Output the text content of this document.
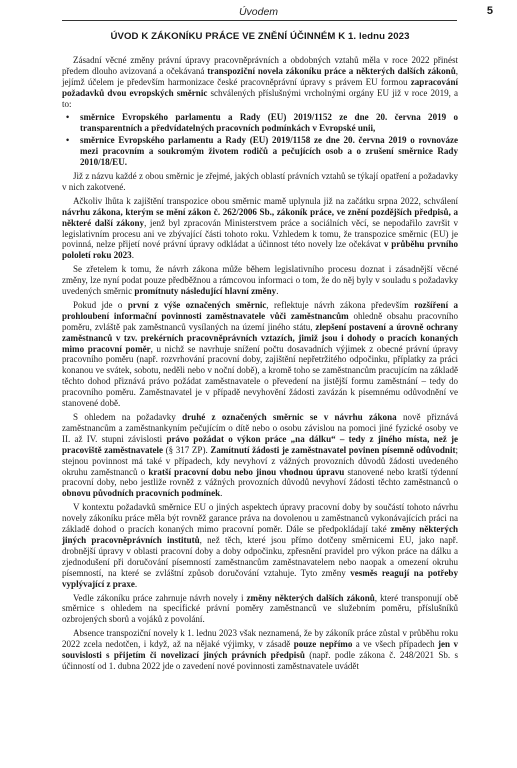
Úvodem	5
ÚVOD K ZÁKONÍKU PRÁCE VE ZNĚNÍ ÚČINNÉM K 1. lednu 2023

Zásadní věcné změny právní úpravy pracovněprávních a obdobných vztahů měla v roce 2022 přinést předem dlouho avizovaná a očekávaná transpoziční novela zákoníku práce a některých dalších zákonů, jejímž účelem je především harmonizace české pracovněprávní úpravy s právem EU formou zapracování požadavků dvou evropských směrnic schválených příslušnými vrcholnými orgány EU již v roce 2019, a to:

• směrnice Evropského parlamentu a Rady (EU) 2019/1152 ze dne 20. června 2019 o transparentních a předvídatelných pracovních podmínkách v Evropské unii,
• směrnice Evropského parlamentu a Rady (EU) 2019/1158 ze dne 20. června 2019 o rovnováze mezi pracovním a soukromým životem rodičů a pečujících osob a o zrušení směrnice Rady 2010/18/EU.

Již z názvu každé z obou směrnic je zřejmé, jakých oblastí právních vztahů se týkají opatření a požadavky v nich zakotvené.

Ačkoliv lhůta k zajištění transpozice obou směrnic mamě uplynula již na začátku srpna 2022, schválení návrhu zákona, kterým se mění zákon č. 262/2006 Sb., zákoník práce, ve znění pozdějších předpisů, a některé další zákony, jenž byl zpracován Ministerstvem práce a sociálních věcí, se nepodařilo završit v legislativním procesu ani ve zbývající části tohoto roku. Vzhledem k tomu, že transpozice směrnic (EU) je povinná, nelze přijetí nové právní úpravy odkládat a účinnost této novely lze očekávat v průběhu prvního pololetí roku 2023.

Se zřetelem k tomu, že návrh zákona může během legislativního procesu doznat i zásadnější věcné změny, lze nyní podat pouze předběžnou a rámcovou informaci o tom, že do něj byly v souladu s požadavky uvedených směrnic promítnuty následující hlavní změny.

Pokud jde o první z výše označených směrnic, reflektuje návrh zákona především rozšíření a prohloubení informační povinnosti zaměstnavatele vůči zaměstnancům ohledně obsahu pracovního poměru, zvláště pak zaměstnanců vysílaných na území jiného státu, zlepšení postavení a úrovně ochrany zaměstnanců v tzv. prekérních pracovněprávních vztazích, jimiž jsou i dohody o pracích konaných mimo pracovní poměr, u nichž se navrhuje snížení počtu dosavadních výjimek z obecné právní úpravy pracovního poměru (např. rozvrhování pracovní doby, zajištění nepřetržitého odpočinku, příplatky za práci konanou ve svátek, sobotu, neděli nebo v noční době), a kromě toho se zaměstnancům pracujícím na základě těchto dohod přiznává právo požádat zaměstnavatele o převedení na jistější formu zaměstnání – tedy do pracovního poměru. Zaměstnavatel je v případě nevyhovění žádosti zavázán k písemnému odůvodnění ve stanovené době.

S ohledem na požadavky druhé z označených směrnic se v návrhu zákona nově přiznává zaměstnancům a zaměstnankyním pečujícím o dítě nebo o osobu závislou na pomoci jiné fyzické osoby ve II. až IV. stupni závislosti právo požádat o výkon práce „na dálku“ – tedy z jiného místa, než je pracoviště zaměstnavatele (§ 317 ZP). Zamítnutí žádosti je zaměstnavatel povinen písemně odůvodnit; stejnou povinnost má také v případech, kdy nevyhoví z vážných provozních důvodů žádosti uvedeného okruhu zaměstnanců o kratší pracovní dobu nebo jinou vhodnou úpravu stanovené nebo kratší týdenní pracovní doby, nebo jestliže rovněž z vážných provozních důvodů nevyhoví žádosti těchto zaměstnanců o obnovu původních pracovních podmínek.

V kontextu požadavků směrnice EU o jiných aspektech úpravy pracovní doby by součástí tohoto návrhu novely zákoníku práce měla být rovněž garance práva na dovolenou u zaměstnanců vykonávajících práci na základě dohod o pracích konaných mimo pracovní poměr. Dále se předpokládají také změny některých jiných pracovněprávních institutů, než těch, které jsou přímo dotčeny směrnicemi EU, jako např. drobnější úpravy v oblasti pracovní doby a doby odpočinku, zpřesnění pravidel pro výkon práce na dálku a zjednodušení při doručování písemností zaměstnancům zaměstnavatelem nebo naopak a omezení okruhu písemností, na které se zvláštní způsob doručování vztahuje. Tyto změny vesměs reagují na potřeby vyplývající z praxe.

Vedle zákoníku práce zahrnuje návrh novely i změny některých dalších zákonů, které transponují obě směrnice s ohledem na specifické právní poměry zaměstnanců ve služebním poměru, příslušníků ozbrojených sborů a vojáků z povolání.

Absence transpoziční novely k 1. lednu 2023 však neznamená, že by zákoník práce zůstal v průběhu roku 2022 zcela nedotčen, i když, až na nějaké výjimky, v zásadě pouze nepřímo a ve všech případech jen v souvislosti s přijetím či novelizací jiných právních předpisů (např. podle zákona č. 248/2021 Sb. s účinností od 1. dubna 2022 jde o zavedení nové povinnosti zaměstnavatele uvádět
